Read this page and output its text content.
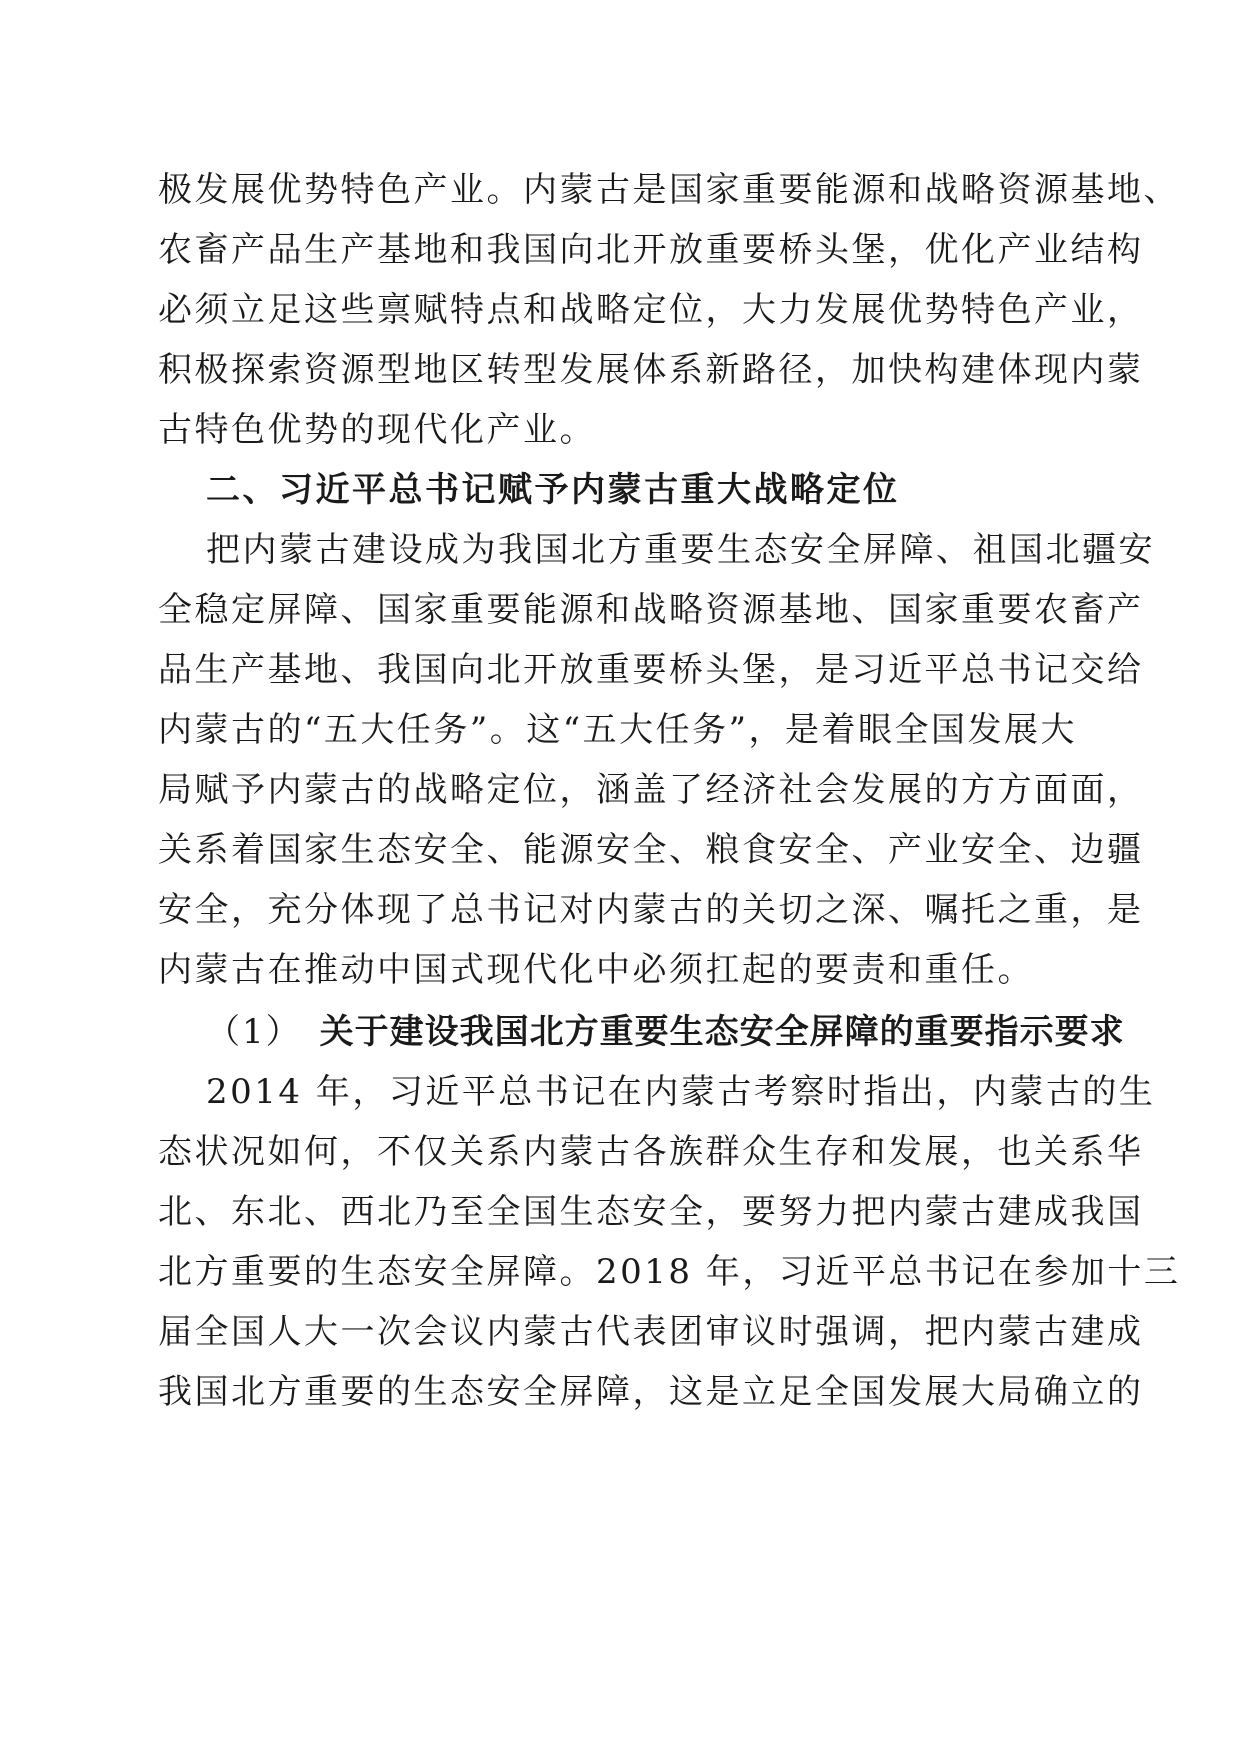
极发展优势特色产业。内蒙古是国家重要能源和战略资源基地、
农畜产品生产基地和我国向北开放重要桥头堡，优化产业结构
必须立足这些禀赋特点和战略定位，大力发展优势特色产业，
积极探索资源型地区转型发展体系新路径，加快构建体现内蒙
古特色优势的现代化产业。
二、习近平总书记赋予内蒙古重大战略定位
把内蒙古建设成为我国北方重要生态安全屏障、祖国北疆安
全稳定屏障、国家重要能源和战略资源基地、国家重要农畜产
品生产基地、我国向北开放重要桥头堡，是习近平总书记交给
内蒙古的“五大任务”。这“五大任务”，是着眼全国发展大
局赋予内蒙古的战略定位，涵盖了经济社会发展的方方面面，
关系着国家生态安全、能源安全、粮食安全、产业安全、边疆
安全，充分体现了总书记对内蒙古的关切之深、嘱托之重，是
内蒙古在推动中国式现代化中必须扛起的要责和重任。
（1） 关于建设我国北方重要生态安全屏障的重要指示要求
2014 年，习近平总书记在内蒙古考察时指出，内蒙古的生
态状况如何，不仅关系内蒙古各族群众生存和发展，也关系华
北、东北、西北乃至全国生态安全，要努力把内蒙古建成我国
北方重要的生态安全屏障。2018 年，习近平总书记在参加十三
届全国人大一次会议内蒙古代表团审议时强调，把内蒙古建成
我国北方重要的生态安全屏障，这是立足全国发展大局确立的
